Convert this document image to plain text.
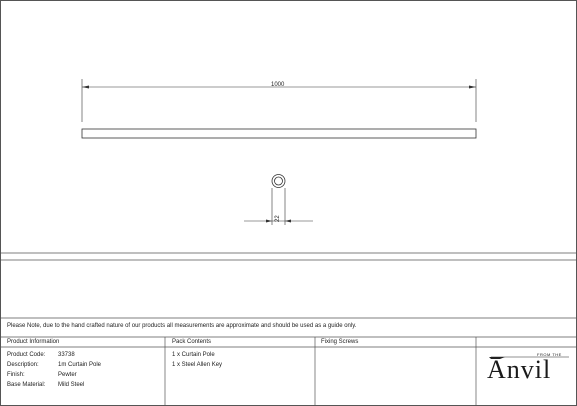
1000
22
Please Note, due to the hand crafted nature of our products all measurements are approximate and should be used as a guide only.
Product Information	Pack Contents	Fixing Screws
Product Code: 33738
Description:	1m Curtain Pole
Finish:	Pewter
Base Material: Mild Steel
1 x Curtain Pole
1 x Steel Allen Key
FROM THE
Anvil
